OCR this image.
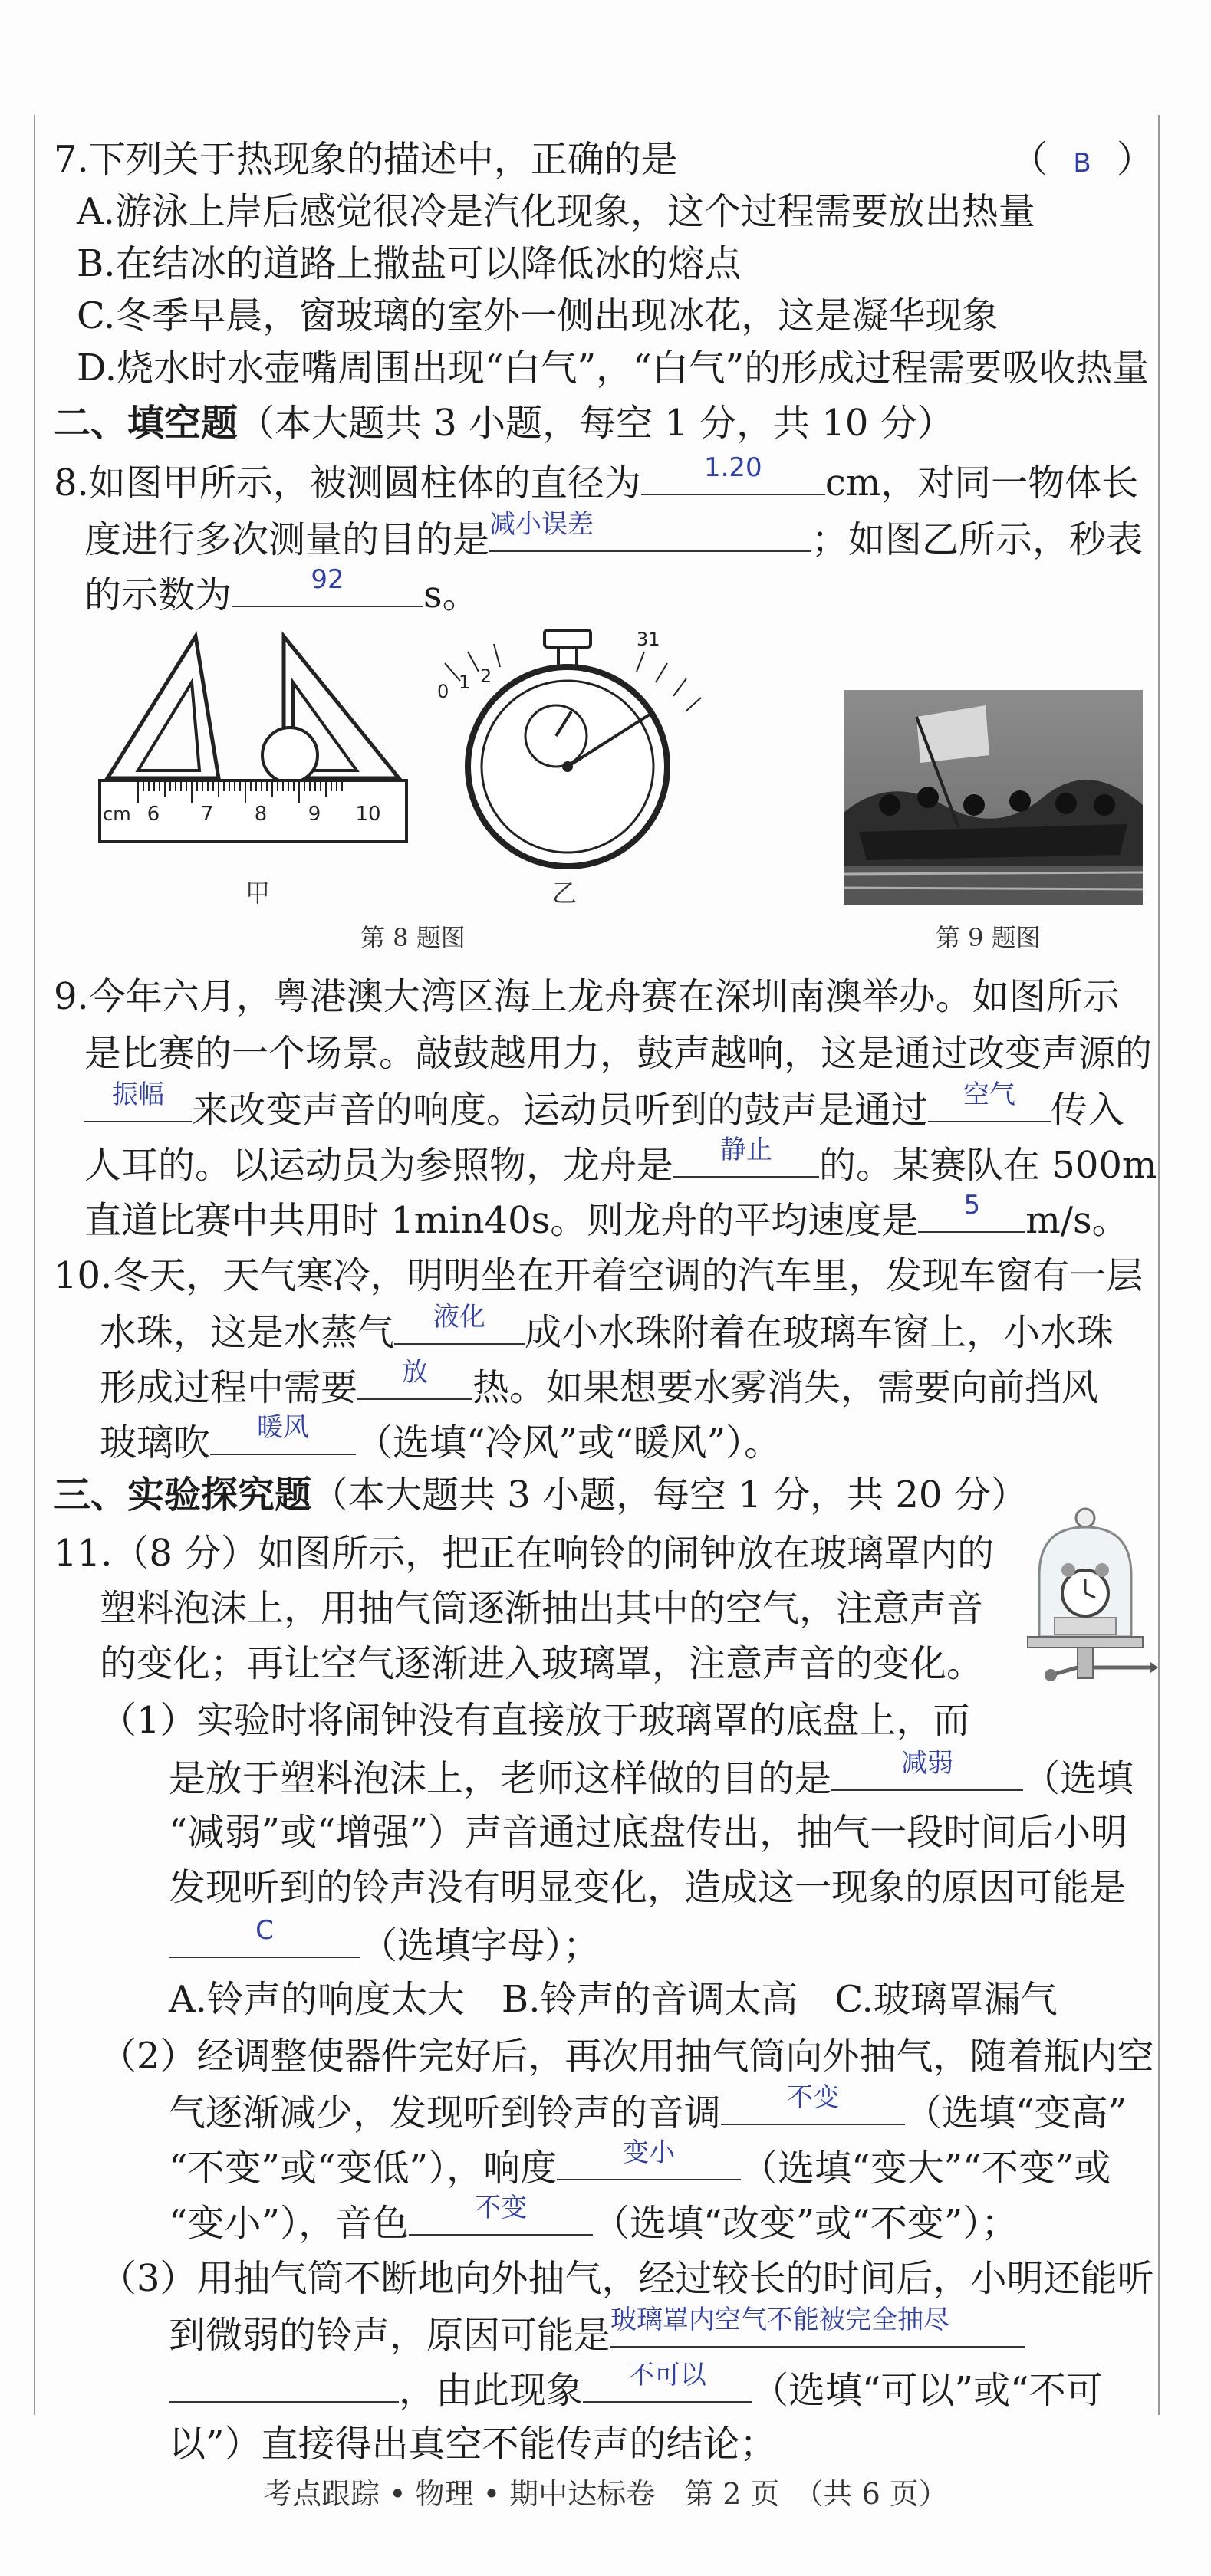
7.下列关于热现象的描述中，正确的是	（ B ）
A.游泳上岸后感觉很冷是汽化现象，这个过程需要放出热量
B.在结冰的道路上撒盐可以降低冰的熔点
C.冬季早晨，窗玻璃的室外一侧出现冰花，这是凝华现象
D.烧水时水壶嘴周围出现“白气”，“白气”的形成过程需要吸收热量
二、填空题（本大题共 3 小题，每空 1 分，共 10 分）
8.如图甲所示，被测圆柱体的直径为	1.20	cm，对同一物体长
度进行多次测量的目的是 减小误差	；如图乙所示，秒表
的示数为	92	s。
cm 6 7 8 9 10
甲
0 1 2
31
乙
第 8 题图	第 9 题图
9.今年六月，粤港澳大湾区海上龙舟赛在深圳南澳举办。如图所示
是比赛的一个场景。敲鼓越用力，鼓声越响，这是通过改变声源的
振幅 来改变声音的响度。运动员听到的鼓声是通过	空气 传入
人耳的。以运动员为参照物，龙舟是	静止	的。某赛队在 500m
直道比赛中共用时 1min40s。则龙舟的平均速度是	5	m/s。
10.冬天，天气寒冷，明明坐在开着空调的汽车里，发现车窗有一层
水珠，这是水蒸气	液化	成小水珠附着在玻璃车窗上，小水珠
形成过程中需要	放	热。如果想要水雾消失，需要向前挡风
玻璃吹	暖风	（选填“冷风”或“暖风”）。
三、实验探究题（本大题共 3 小题，每空 1 分，共 20 分）
11.（8 分）如图所示，把正在响铃的闹钟放在玻璃罩内的
塑料泡沫上，用抽气筒逐渐抽出其中的空气，注意声音
的变化；再让空气逐渐进入玻璃罩，注意声音的变化。
（1）实验时将闹钟没有直接放于玻璃罩的底盘上，而
是放于塑料泡沫上，老师这样做的目的是	减弱	（选填
“减弱”或“增强”）声音通过底盘传出，抽气一段时间后小明
发现听到的铃声没有明显变化，造成这一现象的原因可能是
C	（选填字母）；
A.铃声的响度太大　B.铃声的音调太高　C.玻璃罩漏气
（2）经调整使器件完好后，再次用抽气筒向外抽气，随着瓶内空
气逐渐减少，发现听到铃声的音调	不变	（选填“变高”
“不变”或“变低”），响度	变小	（选填“变大”“不变”或
“变小”），音色	不变	（选填“改变”或“不变”）；
（3）用抽气筒不断地向外抽气，经过较长的时间后，小明还能听
到微弱的铃声，原因可能是 玻璃罩内空气不能被完全抽尽
，由此现象	不可以	（选填“可以”或“不可
以”）直接得出真空不能传声的结论；
考点跟踪 • 物理 • 期中达标卷　第 2 页　（共 6 页）
